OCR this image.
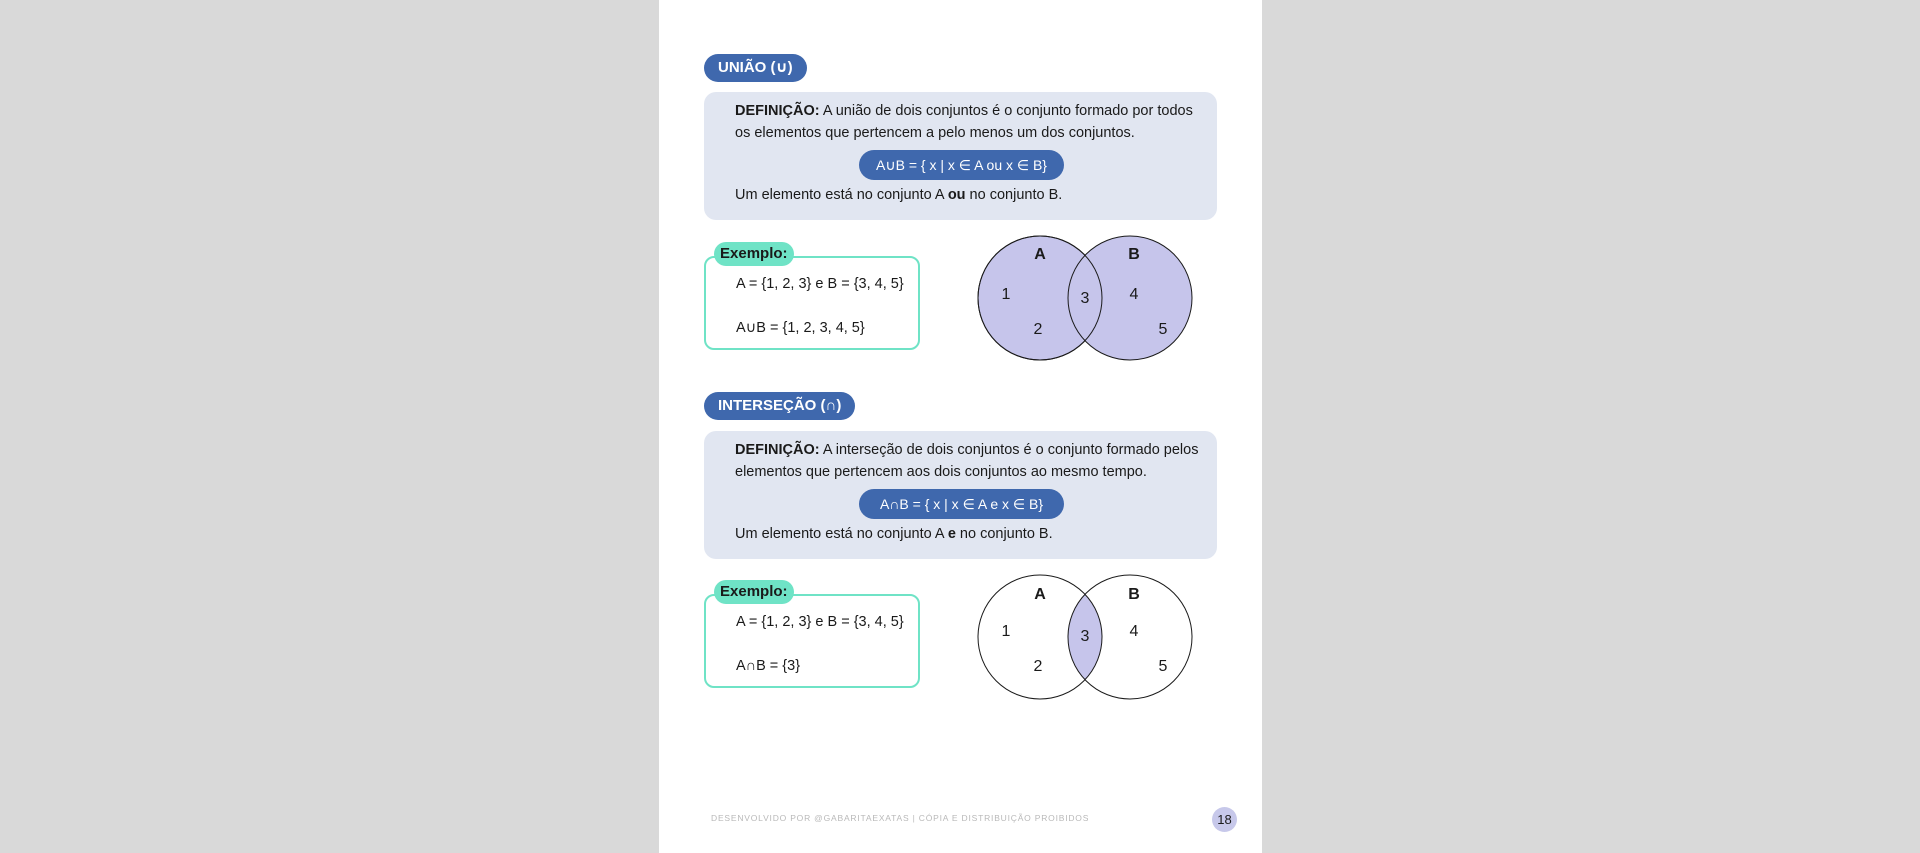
UNIÃO (∪)
DEFINIÇÃO: A união de dois conjuntos é o conjunto formado por todos os elementos que pertencem a pelo menos um dos conjuntos.
A∪B = { x | x ∈ A ou x ∈ B}
Um elemento está no conjunto A ou no conjunto B.
Exemplo:
A = {1, 2, 3} e B = {3, 4, 5}
A∪B = {1, 2, 3, 4, 5}
A	B
1
2
3	4
5
INTERSEÇÃO (∩)
DEFINIÇÃO: A interseção de dois conjuntos é o conjunto formado pelos elementos que pertencem aos dois conjuntos ao mesmo tempo.
A∩B = { x | x ∈ A e x ∈ B}
Um elemento está no conjunto A e no conjunto B.
Exemplo:
A = {1, 2, 3} e B = {3, 4, 5}
A∩B = {3}
A	B
1
2
3	4
5
DESENVOLVIDO POR @GABARITAEXATAS | CÓPIA E DISTRIBUIÇÃO PROIBIDOS	18
